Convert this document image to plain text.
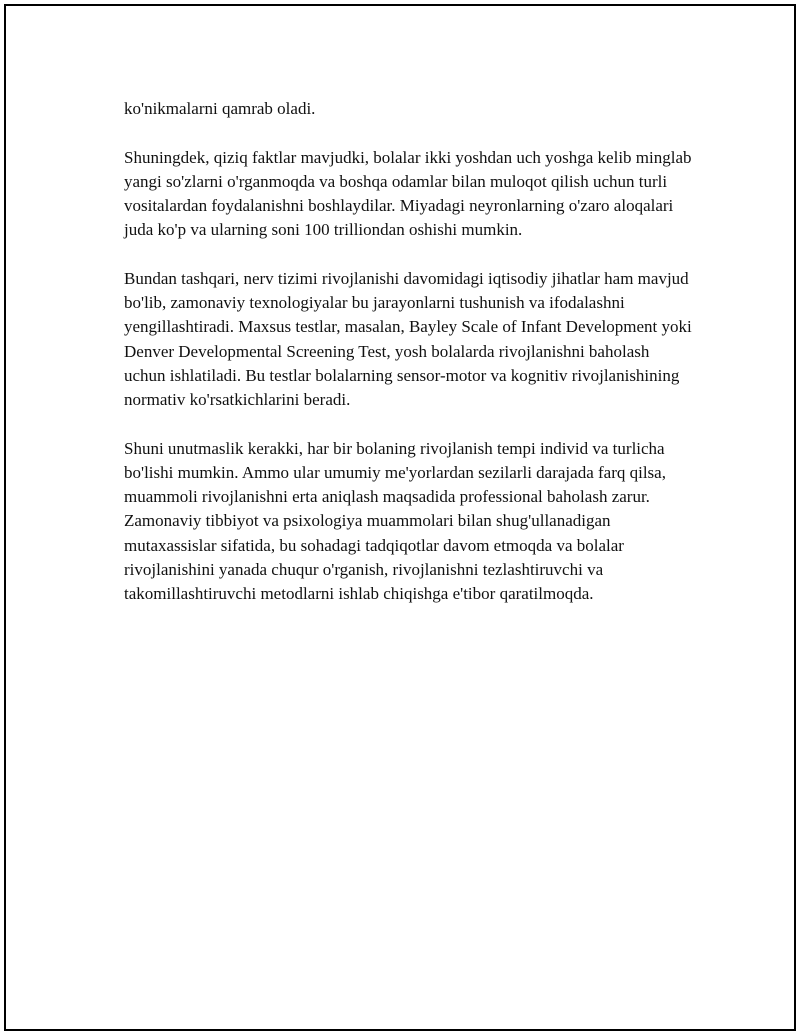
ko'nikmalarni qamrab oladi.

Shuningdek, qiziq faktlar mavjudki, bolalar ikki yoshdan uch yoshga kelib minglab yangi so'zlarni o'rganmoqda va boshqa odamlar bilan muloqot qilish uchun turli vositalardan foydalanishni boshlaydilar. Miyadagi neyronlarning o'zaro aloqalari juda ko'p va ularning soni 100 trilliondan oshishi mumkin.

Bundan tashqari, nerv tizimi rivojlanishi davomidagi iqtisodiy jihatlar ham mavjud bo'lib, zamonaviy texnologiyalar bu jarayonlarni tushunish va ifodalashni yengillashtiradi. Maxsus testlar, masalan, Bayley Scale of Infant Development yoki Denver Developmental Screening Test, yosh bolalarda rivojlanishni baholash uchun ishlatiladi. Bu testlar bolalarning sensor-motor va kognitiv rivojlanishining normativ ko'rsatkichlarini beradi.

Shuni unutmaslik kerakki, har bir bolaning rivojlanish tempi individ va turlicha bo'lishi mumkin. Ammo ular umumiy me'yorlardan sezilarli darajada farq qilsa, muammoli rivojlanishni erta aniqlash maqsadida professional baholash zarur. Zamonaviy tibbiyot va psixologiya muammolari bilan shug'ullanadigan mutaxassislar sifatida, bu sohadagi tadqiqotlar davom etmoqda va bolalar rivojlanishini yanada chuqur o'rganish, rivojlanishni tezlashtiruvchi va takomillashtiruvchi metodlarni ishlab chiqishga e'tibor qaratilmoqda.
